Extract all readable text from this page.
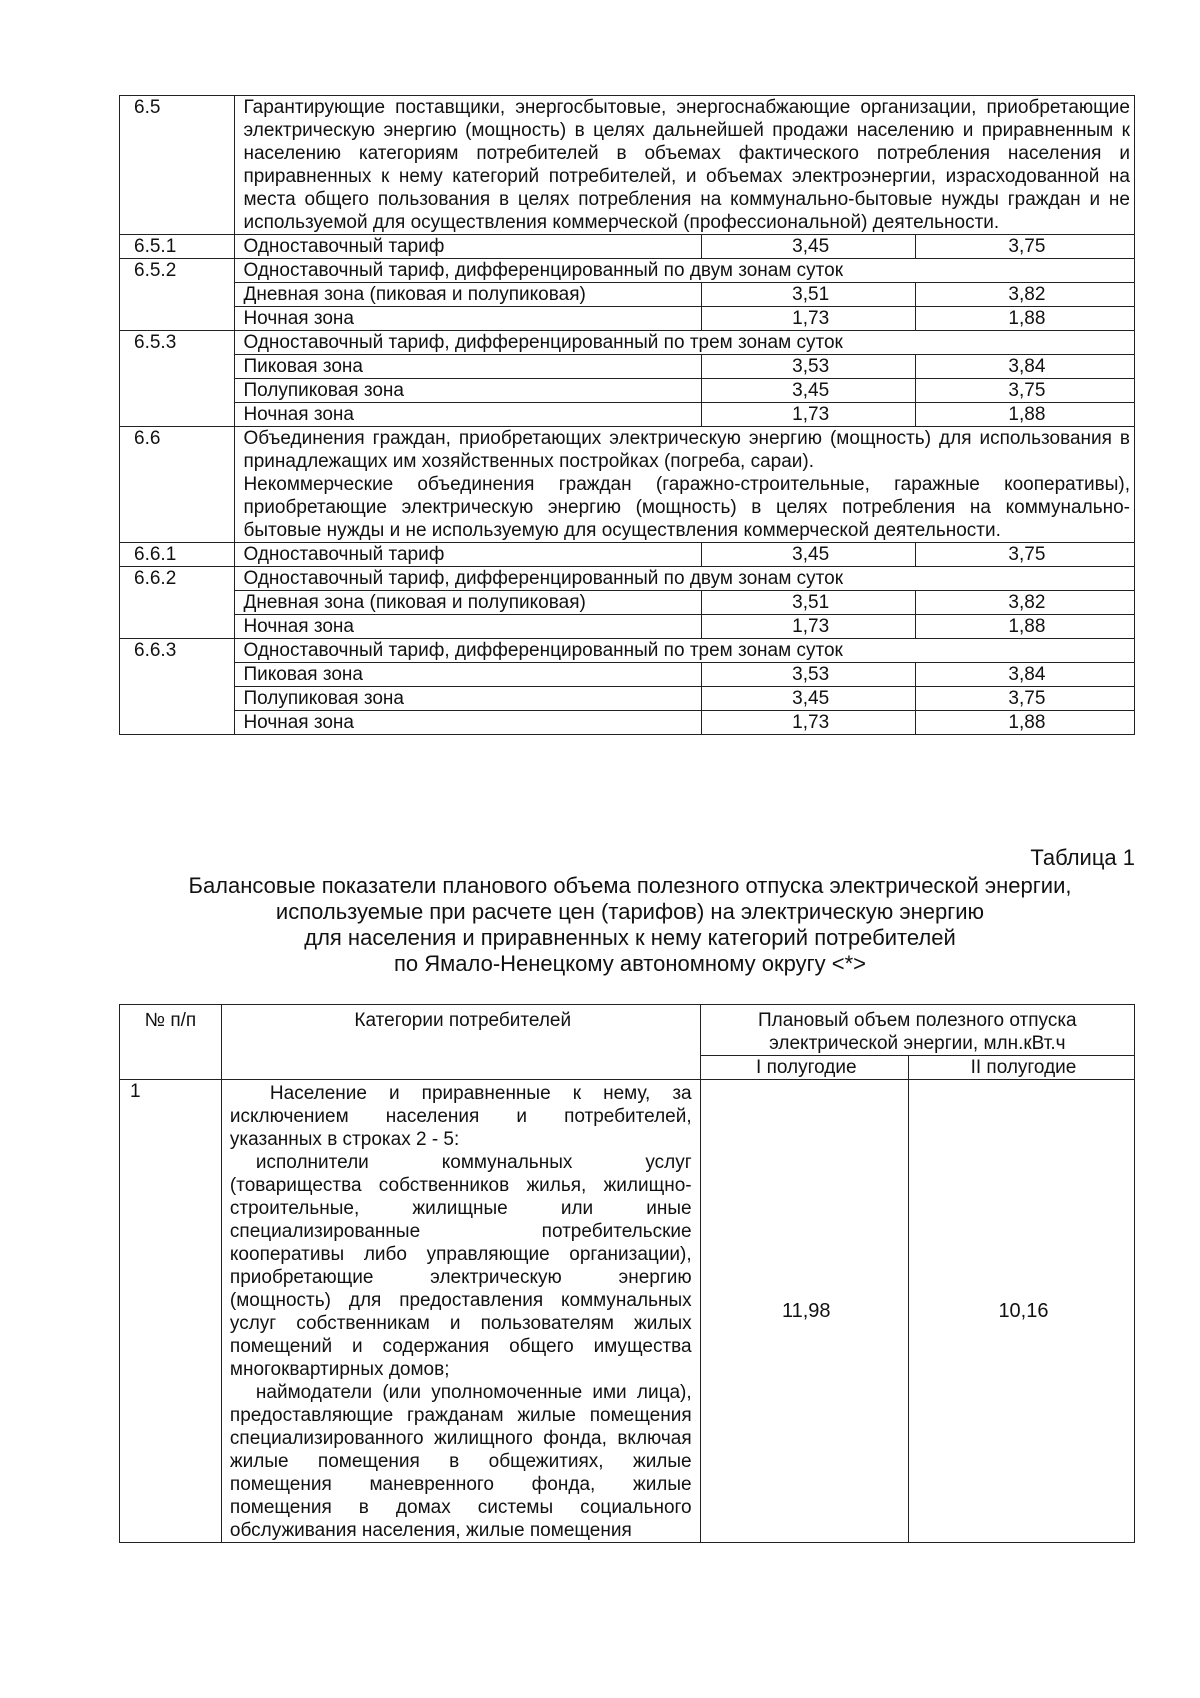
6.5	Гарантирующие поставщики, энергосбытовые, энергоснабжающие организации, приобретающие электрическую энергию (мощность) в целях дальнейшей продажи населению и приравненным к населению категориям потребителей в объемах фактического потребления населения и приравненных к нему категорий потребителей, и объемах электроэнергии, израсходованной на места общего пользования в целях потребления на коммунально-бытовые нужды граждан и не используемой для осуществления коммерческой (профессиональной) деятельности.		
6.5.1	Одноставочный тариф	3,45	3,75
6.5.2	Одноставочный тариф, дифференцированный по двум зонам суток		
	Дневная зона (пиковая и полупиковая)	3,51	3,82
	Ночная зона	1,73	1,88
6.5.3	Одноставочный тариф, дифференцированный по трем зонам суток		
	Пиковая зона	3,53	3,84
	Полупиковая зона	3,45	3,75
	Ночная зона	1,73	1,88
6.6	Объединения граждан, приобретающих электрическую энергию (мощность) для использования в принадлежащих им хозяйственных постройках (погреба, сараи).
Некоммерческие объединения граждан (гаражно-строительные, гаражные кооперативы), приобретающие электрическую энергию (мощность) в целях потребления на коммунально-бытовые нужды и не используемую для осуществления коммерческой деятельности.		

6.6.1	Одноставочный тариф	3,45	3,75
6.6.2	Одноставочный тариф, дифференцированный по двум зонам суток		
	Дневная зона (пиковая и полупиковая)	3,51	3,82
	Ночная зона	1,73	1,88
6.6.3	Одноставочный тариф, дифференцированный по трем зонам суток		
	Пиковая зона	3,53	3,84
	Полупиковая зона	3,45	3,75
	Ночная зона	1,73	1,88
Таблица 1
Балансовые показатели планового объема полезного отпуска электрической энергии,
используемые при расчете цен (тарифов) на электрическую энергию
для населения и приравненных к нему категорий потребителей
по Ямало-Ненецкому автономному округу <*>
№ п/п	Категории потребителей	Плановый объем полезного отпуска электрической энергии, млн.кВт.ч	
		I полугодие	II полугодие
1	Население и приравненные к нему, за исключением населения и потребителей, указанных в строках 2 - 5:

исполнители коммунальных услуг (товарищества собственников жилья, жилищно-строительные, жилищные или иные специализированные потребительские кооперативы либо управляющие организации), приобретающие электрическую энергию (мощность) для предоставления коммунальных услуг собственникам и пользователям жилых помещений и содержания общего имущества многоквартирных домов;

наймодатели (или уполномоченные ими лица), предоставляющие гражданам жилые помещения специализированного жилищного фонда, включая жилые помещения в общежитиях, жилые помещения маневренного фонда, жилые помещения в домах системы социального обслуживания населения, жилые помещения	11,98	10,16
